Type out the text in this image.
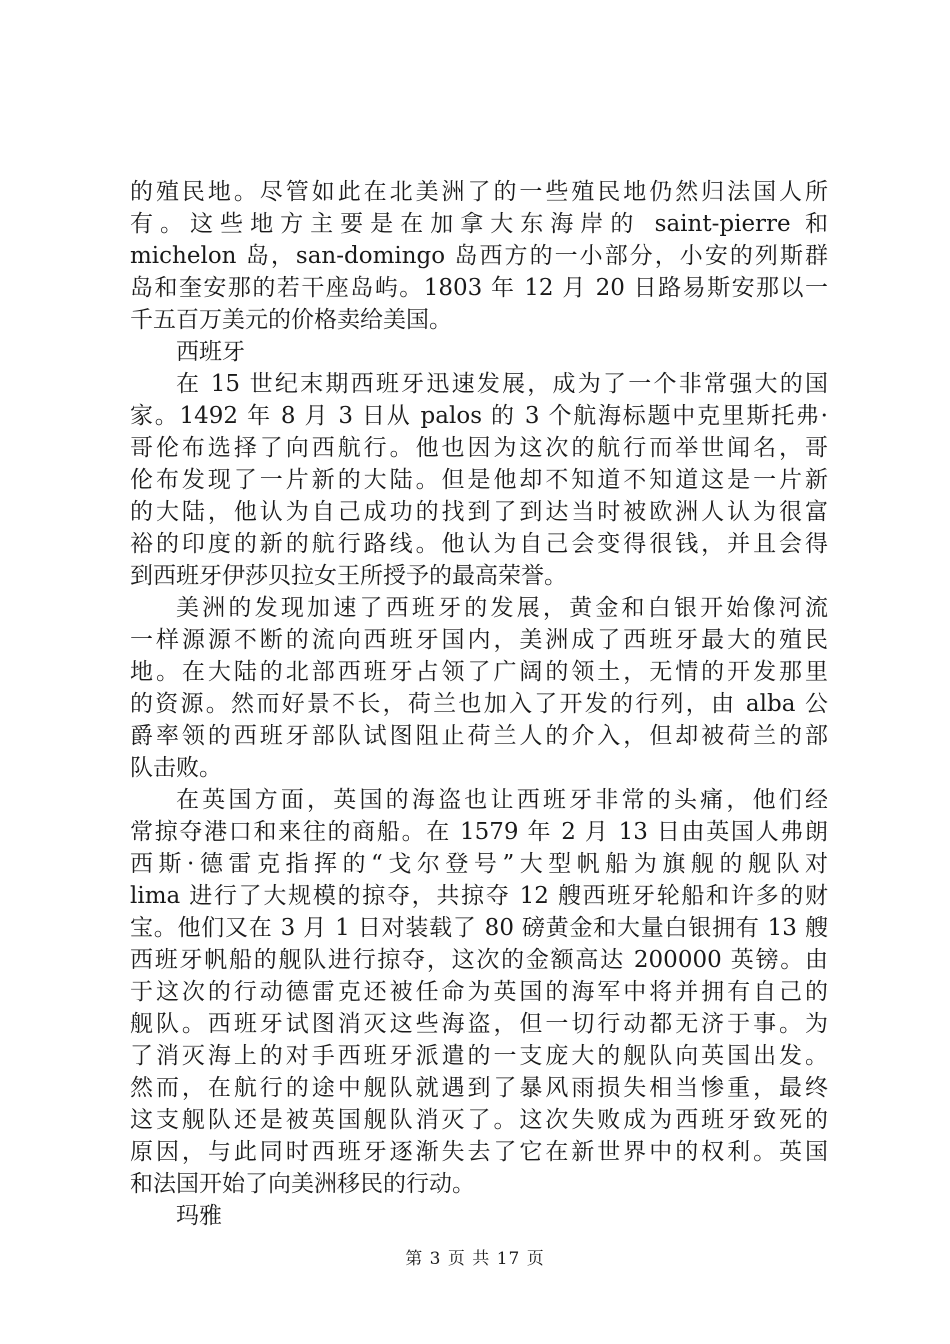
的殖民地。尽管如此在北美洲了的一些殖民地仍然归法国人所
有。这些地方主要是在加拿大东海岸的 saint-pierre 和
michelon 岛，san-domingo 岛西方的一小部分，小安的列斯群
岛和奎安那的若干座岛屿。1803 年 12 月 20 日路易斯安那以一
千五百万美元的价格卖给美国。
西班牙
在 15 世纪末期西班牙迅速发展，成为了一个非常强大的国
家。1492 年 8 月 3 日从 palos 的 3 个航海标题中克里斯托弗·
哥伦布选择了向西航行。他也因为这次的航行而举世闻名，哥
伦布发现了一片新的大陆。但是他却不知道不知道这是一片新
的大陆，他认为自己成功的找到了到达当时被欧洲人认为很富
裕的印度的新的航行路线。他认为自己会变得很钱，并且会得
到西班牙伊莎贝拉女王所授予的最高荣誉。
美洲的发现加速了西班牙的发展，黄金和白银开始像河流
一样源源不断的流向西班牙国内，美洲成了西班牙最大的殖民
地。在大陆的北部西班牙占领了广阔的领土，无情的开发那里
的资源。然而好景不长，荷兰也加入了开发的行列，由 alba 公
爵率领的西班牙部队试图阻止荷兰人的介入，但却被荷兰的部
队击败。
在英国方面，英国的海盗也让西班牙非常的头痛，他们经
常掠夺港口和来往的商船。在 1579 年 2 月 13 日由英国人弗朗
西斯·德雷克指挥的“戈尔登号”大型帆船为旗舰的舰队对
lima 进行了大规模的掠夺，共掠夺 12 艘西班牙轮船和许多的财
宝。他们又在 3 月 1 日对装载了 80 磅黄金和大量白银拥有 13 艘
西班牙帆船的舰队进行掠夺，这次的金额高达 200000 英镑。由
于这次的行动德雷克还被任命为英国的海军中将并拥有自己的
舰队。西班牙试图消灭这些海盗，但一切行动都无济于事。为
了消灭海上的对手西班牙派遣的一支庞大的舰队向英国出发。
然而，在航行的途中舰队就遇到了暴风雨损失相当惨重，最终
这支舰队还是被英国舰队消灭了。这次失败成为西班牙致死的
原因，与此同时西班牙逐渐失去了它在新世界中的权利。英国
和法国开始了向美洲移民的行动。
玛雅
第 3 页 共 17 页
